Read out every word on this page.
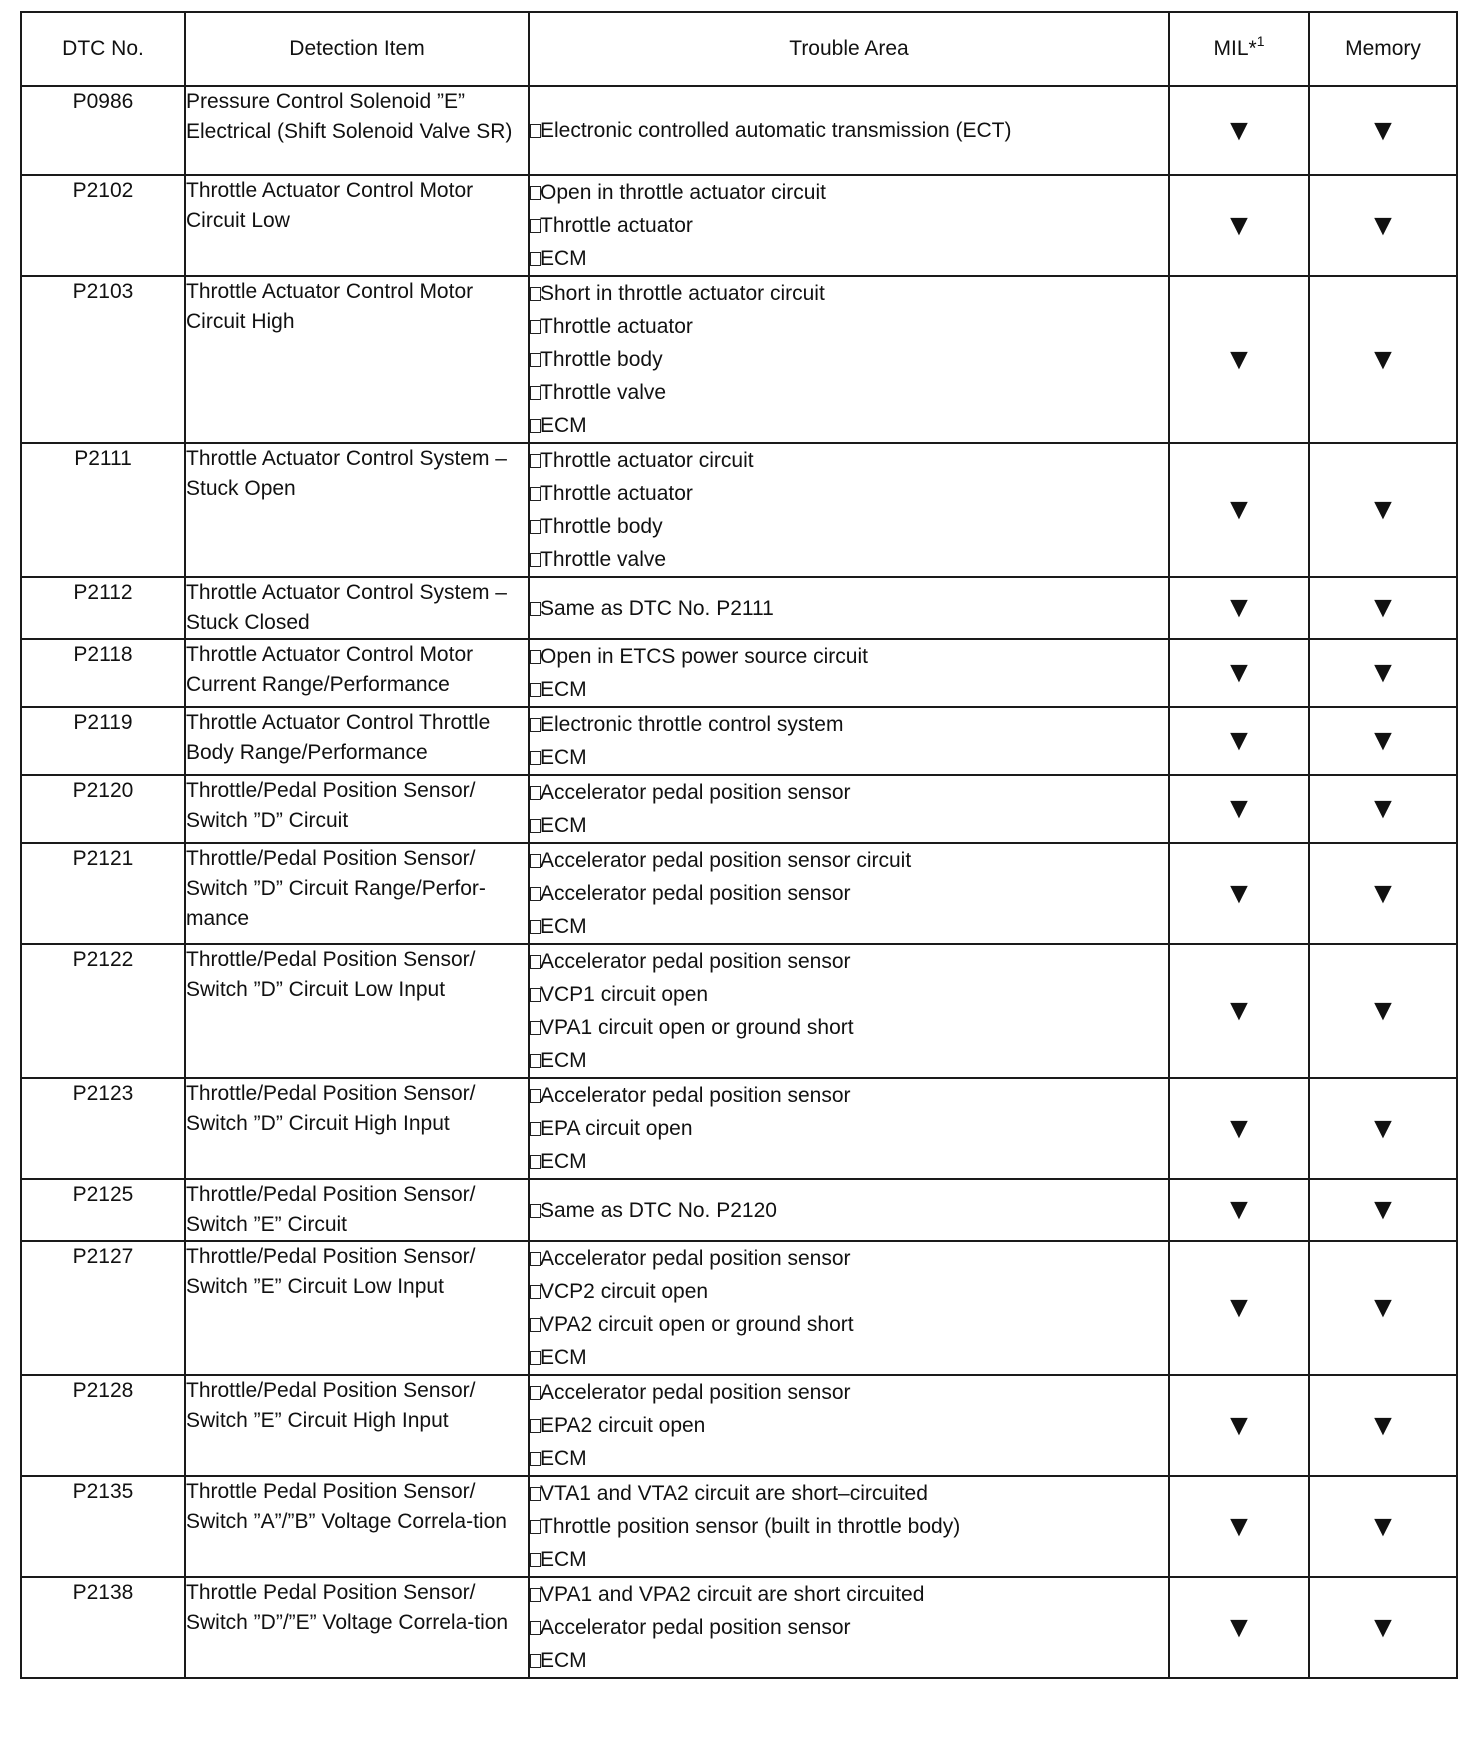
DTC No.	Detection Item	Trouble Area	MIL*$^1$	Memory
P0986	Pressure Control Solenoid ”E” Electrical (Shift Solenoid Valve SR)	Electronic controlled automatic transmission (ECT)	▼	▼
P2102	Throttle Actuator Control Motor Circuit Low	Open in throttle actuator circuit
Throttle actuator
ECM	▼	▼
P2103	Throttle Actuator Control Motor Circuit High	Short in throttle actuator circuit
Throttle actuator
Throttle body
Throttle valve
ECM	▼	▼
P2111	Throttle Actuator Control System – Stuck Open	Throttle actuator circuit
Throttle actuator
Throttle body
Throttle valve	▼	▼
P2112	Throttle Actuator Control System – Stuck Closed	Same as DTC No. P2111	▼	▼
P2118	Throttle Actuator Control Motor Current Range/Performance	Open in ETCS power source circuit
ECM	▼	▼
P2119	Throttle Actuator Control Throttle Body Range/Performance	Electronic throttle control system
ECM	▼	▼
P2120	Throttle/Pedal Position Sensor/ Switch ”D” Circuit	Accelerator pedal position sensor
ECM	▼	▼
P2121	Throttle/Pedal Position Sensor/ Switch ”D” Circuit Range/Perfor-mance	Accelerator pedal position sensor circuit
Accelerator pedal position sensor
ECM	▼	▼
P2122	Throttle/Pedal Position Sensor/ Switch ”D” Circuit Low Input	Accelerator pedal position sensor
VCP1 circuit open
VPA1 circuit open or ground short
ECM	▼	▼
P2123	Throttle/Pedal Position Sensor/ Switch ”D” Circuit High Input	Accelerator pedal position sensor
EPA circuit open
ECM	▼	▼
P2125	Throttle/Pedal Position Sensor/ Switch ”E” Circuit	Same as DTC No. P2120	▼	▼
P2127	Throttle/Pedal Position Sensor/ Switch ”E” Circuit Low Input	Accelerator pedal position sensor
VCP2 circuit open
VPA2 circuit open or ground short
ECM	▼	▼
P2128	Throttle/Pedal Position Sensor/ Switch ”E” Circuit High Input	Accelerator pedal position sensor
EPA2 circuit open
ECM	▼	▼
P2135	Throttle Pedal Position Sensor/ Switch ”A”/”B” Voltage Correla-tion	VTA1 and VTA2 circuit are short–circuited
Throttle position sensor (built in throttle body)
ECM	▼	▼
P2138	Throttle Pedal Position Sensor/ Switch ”D”/”E” Voltage Correla-tion	VPA1 and VPA2 circuit are short circuited
Accelerator pedal position sensor
ECM	▼	▼
